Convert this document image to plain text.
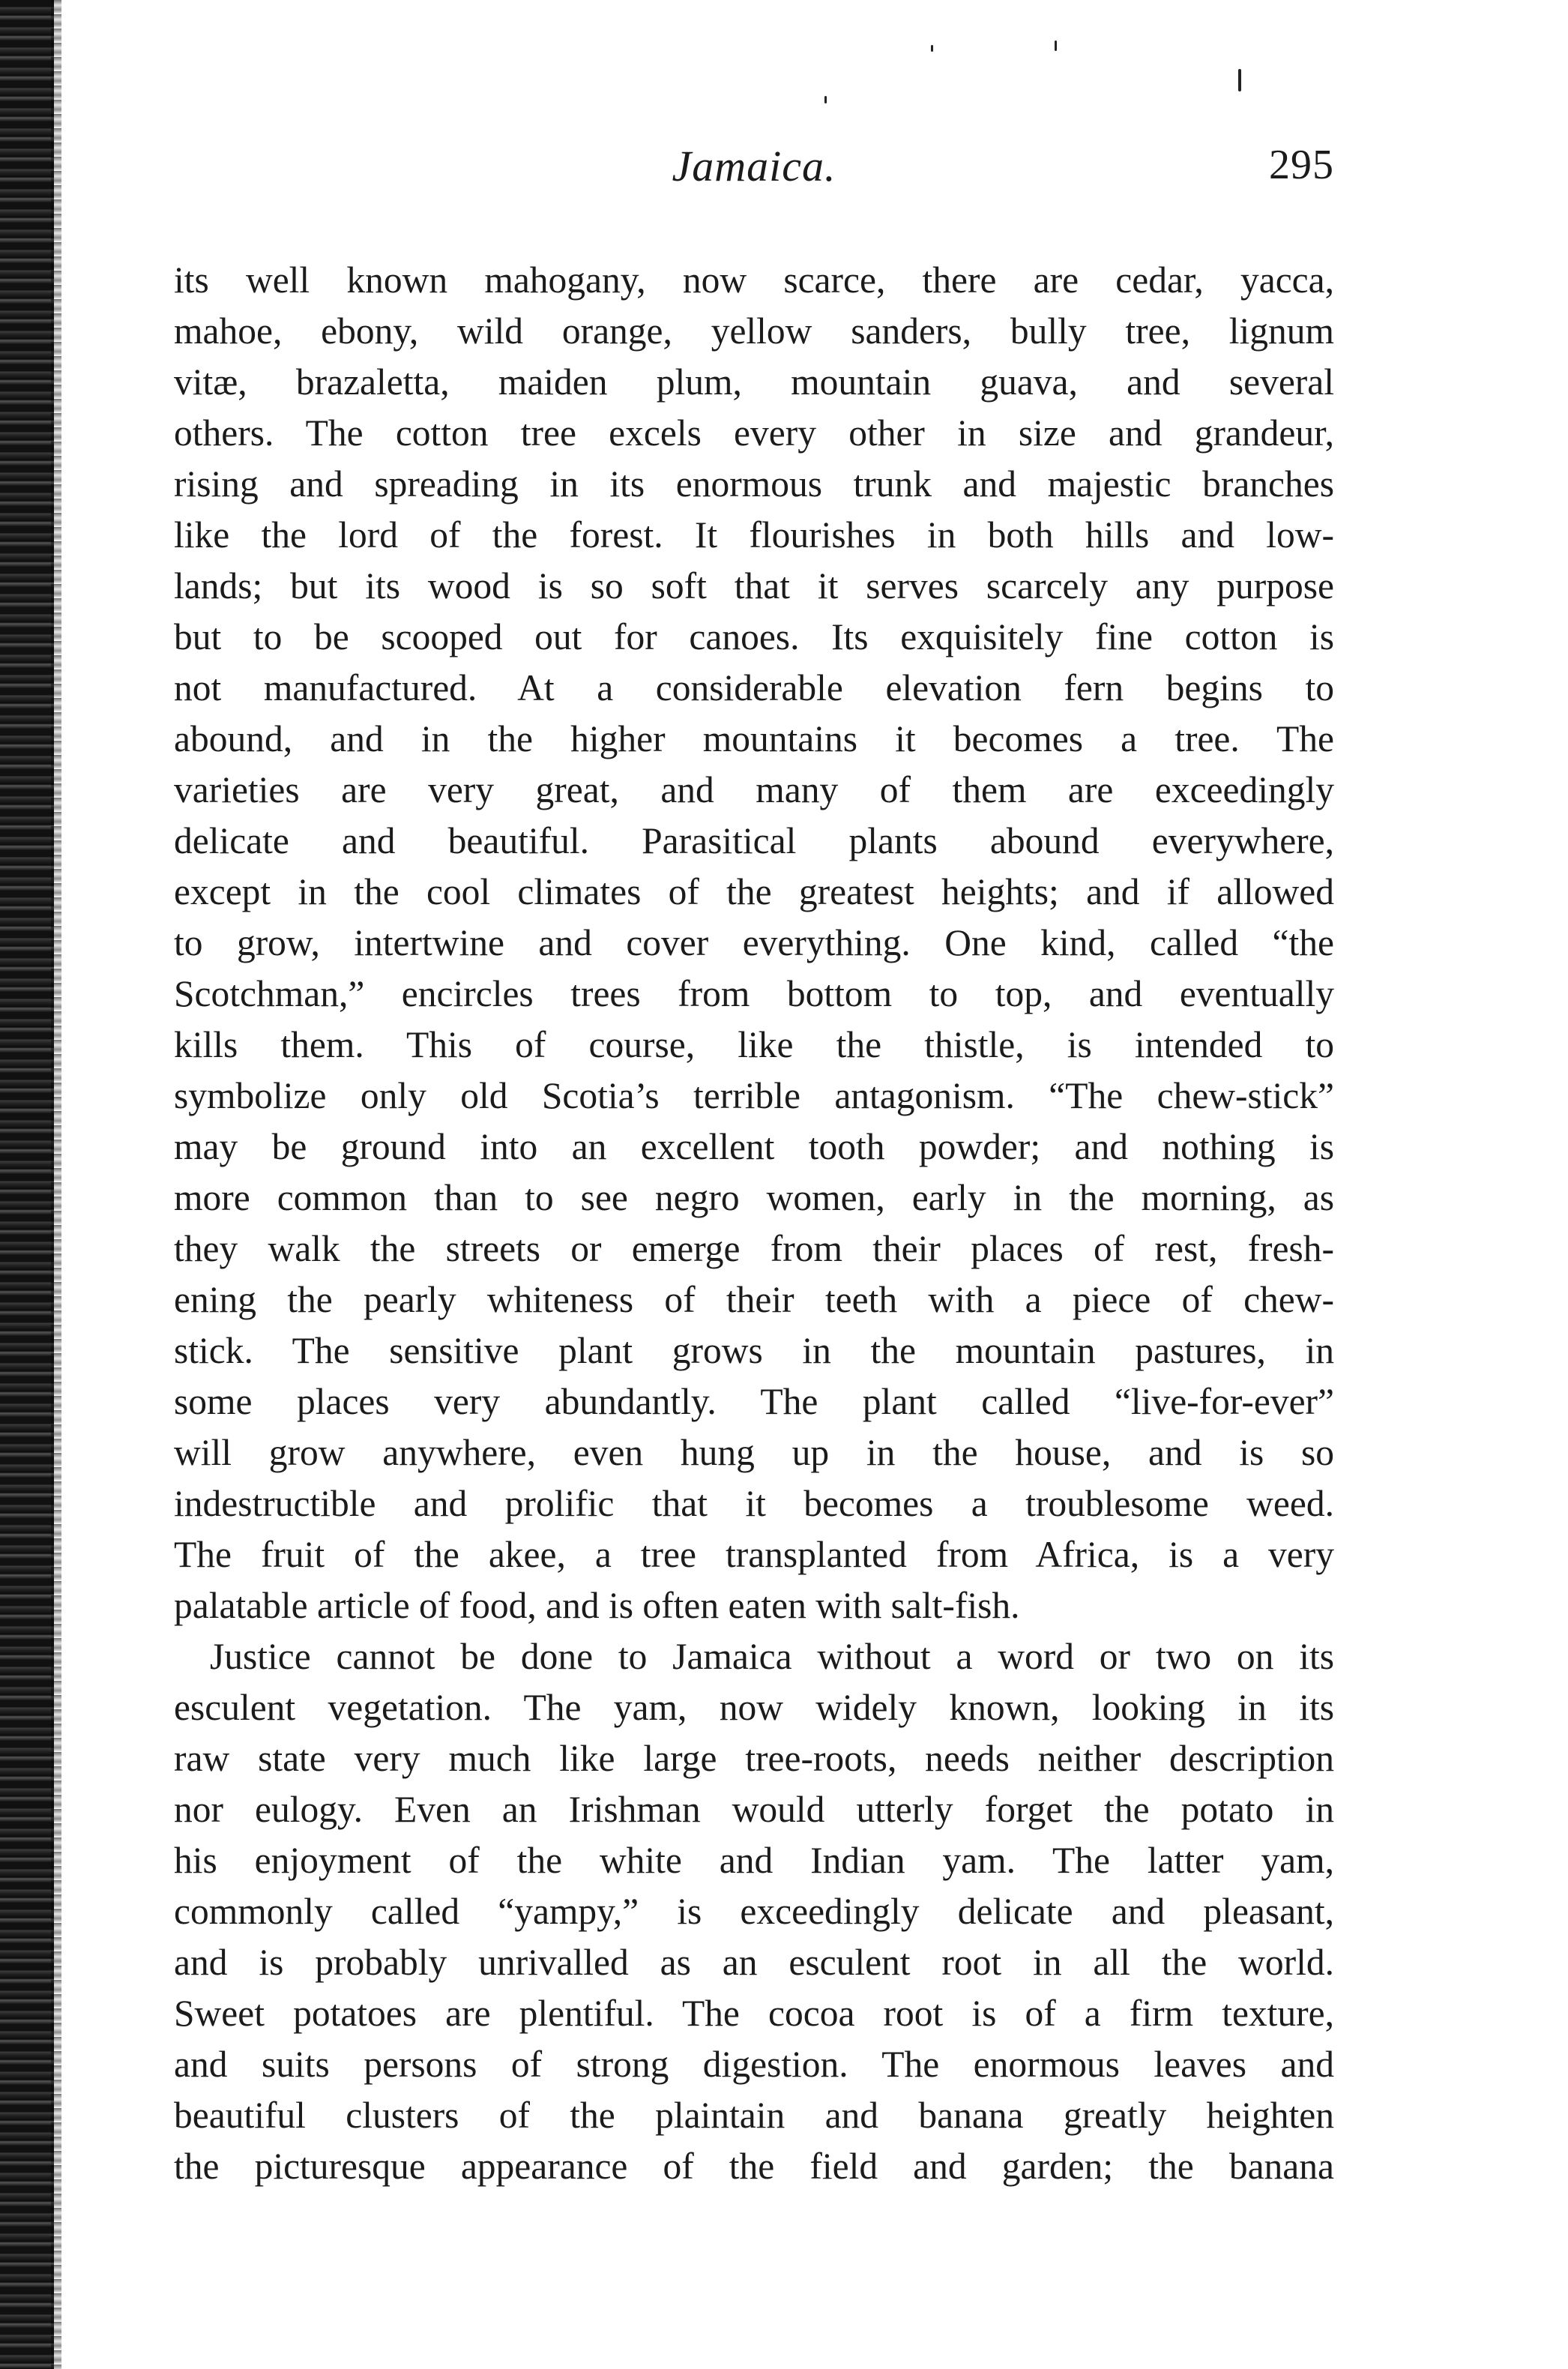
Jamaica.	295
its well known mahogany, now scarce, there are cedar, yacca,
mahoe, ebony, wild orange, yellow sanders, bully tree, lignum
vitæ, brazaletta, maiden plum, mountain guava, and several
others. The cotton tree excels every other in size and grandeur,
rising and spreading in its enormous trunk and majestic branches
like the lord of the forest. It flourishes in both hills and low-
lands; but its wood is so soft that it serves scarcely any purpose
but to be scooped out for canoes. Its exquisitely fine cotton is
not manufactured. At a considerable elevation fern begins to
abound, and in the higher mountains it becomes a tree. The
varieties are very great, and many of them are exceedingly
delicate and beautiful. Parasitical plants abound everywhere,
except in the cool climates of the greatest heights; and if allowed
to grow, intertwine and cover everything. One kind, called “the
Scotchman,” encircles trees from bottom to top, and eventually
kills them. This of course, like the thistle, is intended to
symbolize only old Scotia’s terrible antagonism. “The chew-stick”
may be ground into an excellent tooth powder; and nothing is
more common than to see negro women, early in the morning, as
they walk the streets or emerge from their places of rest, fresh-
ening the pearly whiteness of their teeth with a piece of chew-
stick. The sensitive plant grows in the mountain pastures, in
some places very abundantly. The plant called “live-for-ever”
will grow anywhere, even hung up in the house, and is so
indestructible and prolific that it becomes a troublesome weed.
The fruit of the akee, a tree transplanted from Africa, is a very
palatable article of food, and is often eaten with salt-fish.
Justice cannot be done to Jamaica without a word or two on its
esculent vegetation. The yam, now widely known, looking in its
raw state very much like large tree-roots, needs neither description
nor eulogy. Even an Irishman would utterly forget the potato in
his enjoyment of the white and Indian yam. The latter yam,
commonly called “yampy,” is exceedingly delicate and pleasant,
and is probably unrivalled as an esculent root in all the world.
Sweet potatoes are plentiful. The cocoa root is of a firm texture,
and suits persons of strong digestion. The enormous leaves and
beautiful clusters of the plaintain and banana greatly heighten
the picturesque appearance of the field and garden; the banana
